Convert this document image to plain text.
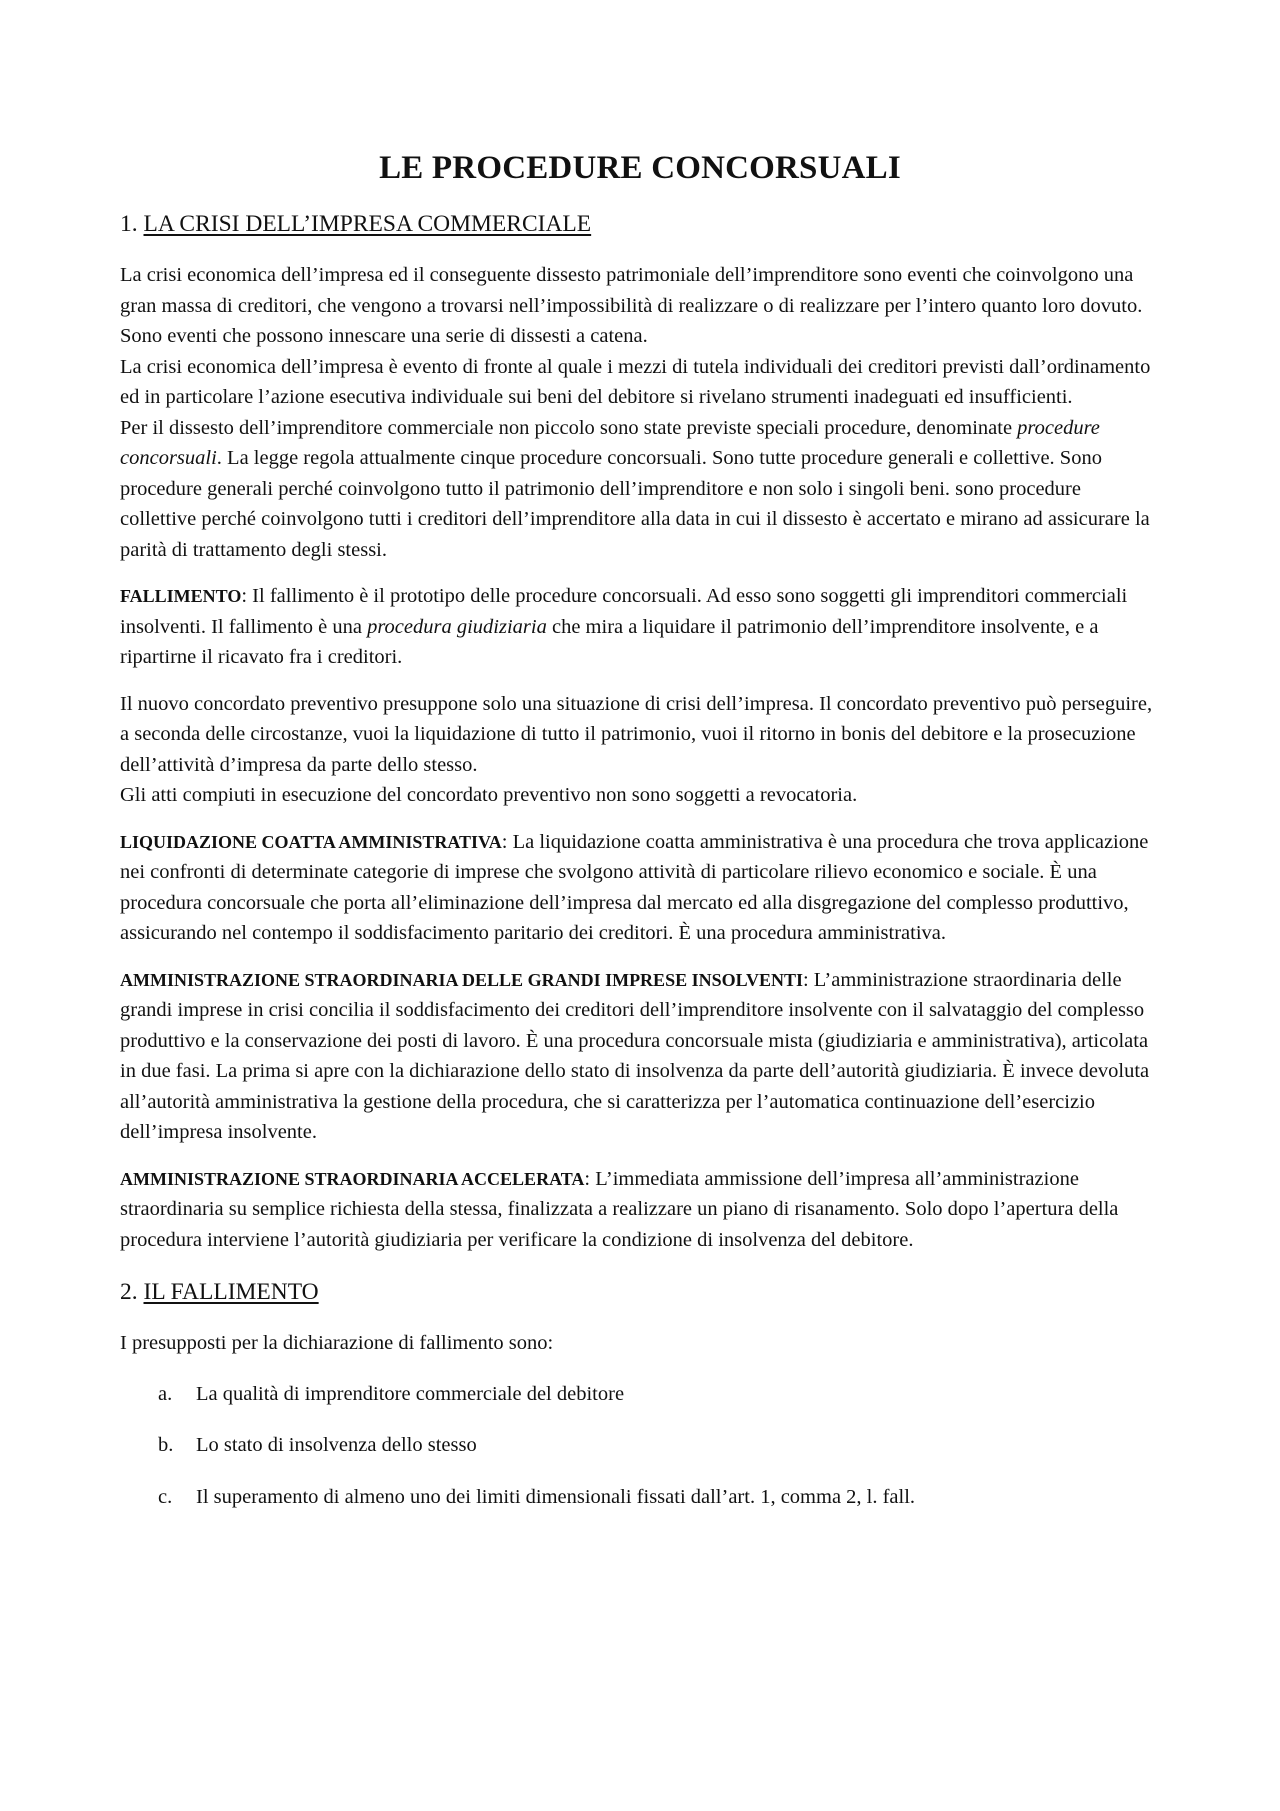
LE PROCEDURE CONCORSUALI
1. LA CRISI DELL’IMPRESA COMMERCIALE

La crisi economica dell’impresa ed il conseguente dissesto patrimoniale dell’imprenditore sono eventi che coinvolgono una gran massa di creditori, che vengono a trovarsi nell’impossibilità di realizzare o di realizzare per l’intero quanto loro dovuto. Sono eventi che possono innescare una serie di dissesti a catena.
La crisi economica dell’impresa è evento di fronte al quale i mezzi di tutela individuali dei creditori previsti dall’ordinamento ed in particolare l’azione esecutiva individuale sui beni del debitore si rivelano strumenti inadeguati ed insufficienti.
Per il dissesto dell’imprenditore commerciale non piccolo sono state previste speciali procedure, denominate procedure concorsuali. La legge regola attualmente cinque procedure concorsuali. Sono tutte procedure generali e collettive. Sono procedure generali perché coinvolgono tutto il patrimonio dell’imprenditore e non solo i singoli beni. sono procedure collettive perché coinvolgono tutti i creditori dell’imprenditore alla data in cui il dissesto è accertato e mirano ad assicurare la parità di trattamento degli stessi.

FALLIMENTO: Il fallimento è il prototipo delle procedure concorsuali. Ad esso sono soggetti gli imprenditori commerciali insolventi. Il fallimento è una procedura giudiziaria che mira a liquidare il patrimonio dell’imprenditore insolvente, e a ripartirne il ricavato fra i creditori.

Il nuovo concordato preventivo presuppone solo una situazione di crisi dell’impresa. Il concordato preventivo può perseguire, a seconda delle circostanze, vuoi la liquidazione di tutto il patrimonio, vuoi il ritorno in bonis del debitore e la prosecuzione dell’attività d’impresa da parte dello stesso.
Gli atti compiuti in esecuzione del concordato preventivo non sono soggetti a revocatoria.

LIQUIDAZIONE COATTA AMMINISTRATIVA: La liquidazione coatta amministrativa è una procedura che trova applicazione nei confronti di determinate categorie di imprese che svolgono attività di particolare rilievo economico e sociale. È una procedura concorsuale che porta all’eliminazione dell’impresa dal mercato ed alla disgregazione del complesso produttivo, assicurando nel contempo il soddisfacimento paritario dei creditori. È una procedura amministrativa.

AMMINISTRAZIONE STRAORDINARIA DELLE GRANDI IMPRESE INSOLVENTI: L’amministrazione straordinaria delle grandi imprese in crisi concilia il soddisfacimento dei creditori dell’imprenditore insolvente con il salvataggio del complesso produttivo e la conservazione dei posti di lavoro. È una procedura concorsuale mista (giudiziaria e amministrativa), articolata in due fasi. La prima si apre con la dichiarazione dello stato di insolvenza da parte dell’autorità giudiziaria. È invece devoluta all’autorità amministrativa la gestione della procedura, che si caratterizza per l’automatica continuazione dell’esercizio dell’impresa insolvente.

AMMINISTRAZIONE STRAORDINARIA ACCELERATA: L’immediata ammissione dell’impresa all’amministrazione straordinaria su semplice richiesta della stessa, finalizzata a realizzare un piano di risanamento. Solo dopo l’apertura della procedura interviene l’autorità giudiziaria per verificare la condizione di insolvenza del debitore.

2. IL FALLIMENTO

I presupposti per la dichiarazione di fallimento sono:

a.	La qualità di imprenditore commerciale del debitore
b.	Lo stato di insolvenza dello stesso
c.	Il superamento di almeno uno dei limiti dimensionali fissati dall’art. 1, comma 2, l. fall.
